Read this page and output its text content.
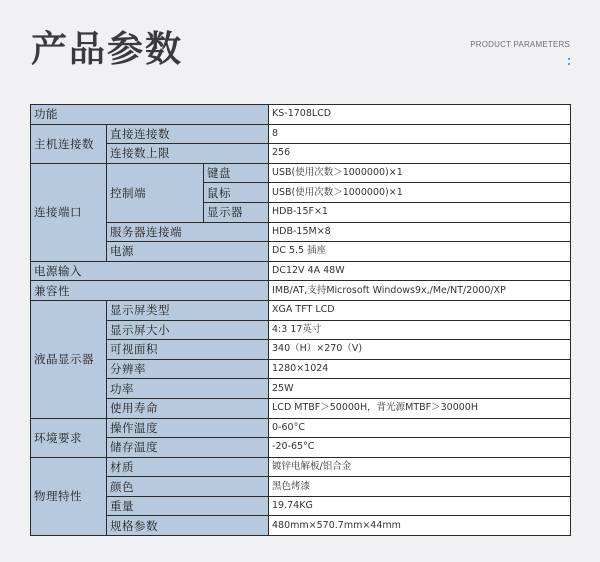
产品参数	PRODUCT PARAMETERS
功能			KS-1708LCD
主机连接数	直接连接数		8
	连接数上限		256
连接端口	控制端	键盘	USB(使用次数＞1000000)×1
		鼠标	USB(使用次数＞1000000)×1
		显示器	HDB-15F×1
	服务器连接端		HDB-15M×8
	电源		DC 5.5 插座
电源输入			DC12V 4A 48W
兼容性			IMB/AT,支持Microsoft Windows9x,/Me/NT/2000/XP
液晶显示器	显示屏类型		XGA TFT LCD
	显示屏大小		4:3 17英寸
	可视面积		340（H）×270（V)
	分辨率		1280×1024
	功率		25W
	使用寿命		LCD MTBF＞50000H，背光源MTBF＞30000H
环境要求	操作温度		0-60°C
	储存温度		-20-65°C
物理特性	材质		镀锌电解板/铝合金
	颜色		黑色烤漆
	重量		19.74KG
	规格参数		480mm×570.7mm×44mm
